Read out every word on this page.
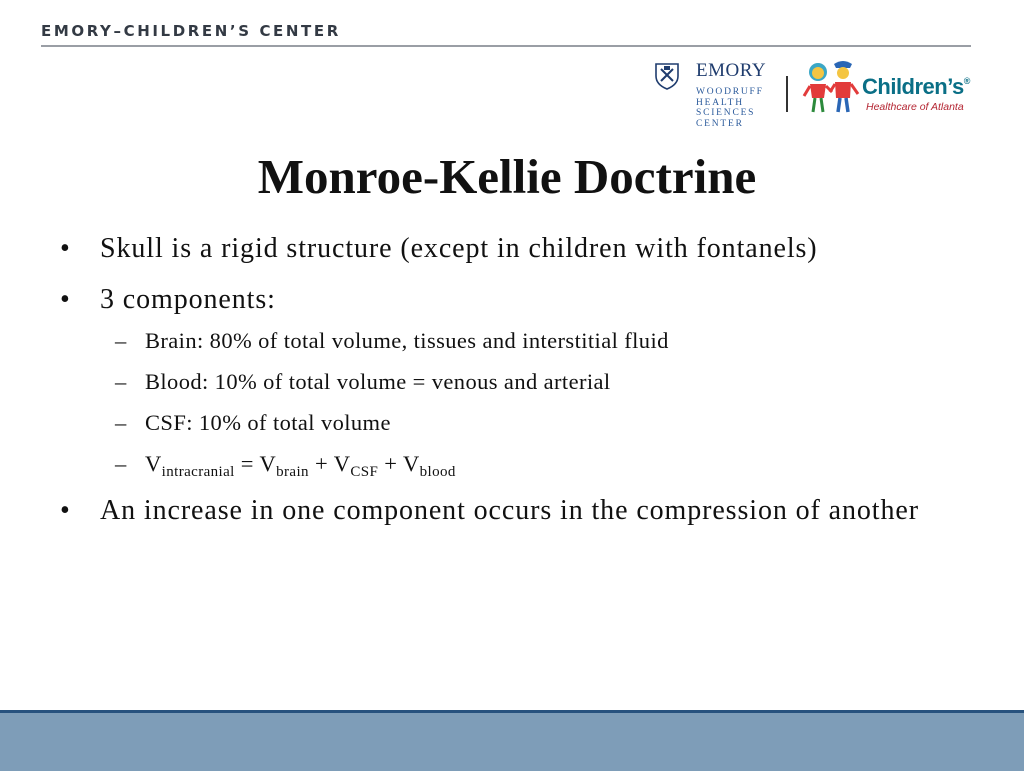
EMORY–CHILDREN’S CENTER
EMORY
WOODRUFF
HEALTH
SCIENCES
CENTER
Children’s®
Healthcare of Atlanta
Monroe-Kellie Doctrine
• Skull is a rigid structure (except in children with fontanels)
• 3 components:
– Brain: 80% of total volume, tissues and interstitial fluid
– Blood: 10% of total volume = venous and arterial
– CSF: 10% of total volume
– $V_{intracranial} = V_{brain} + V_{CSF} + V_{blood}$
• An increase in one component occurs in the compression of another
